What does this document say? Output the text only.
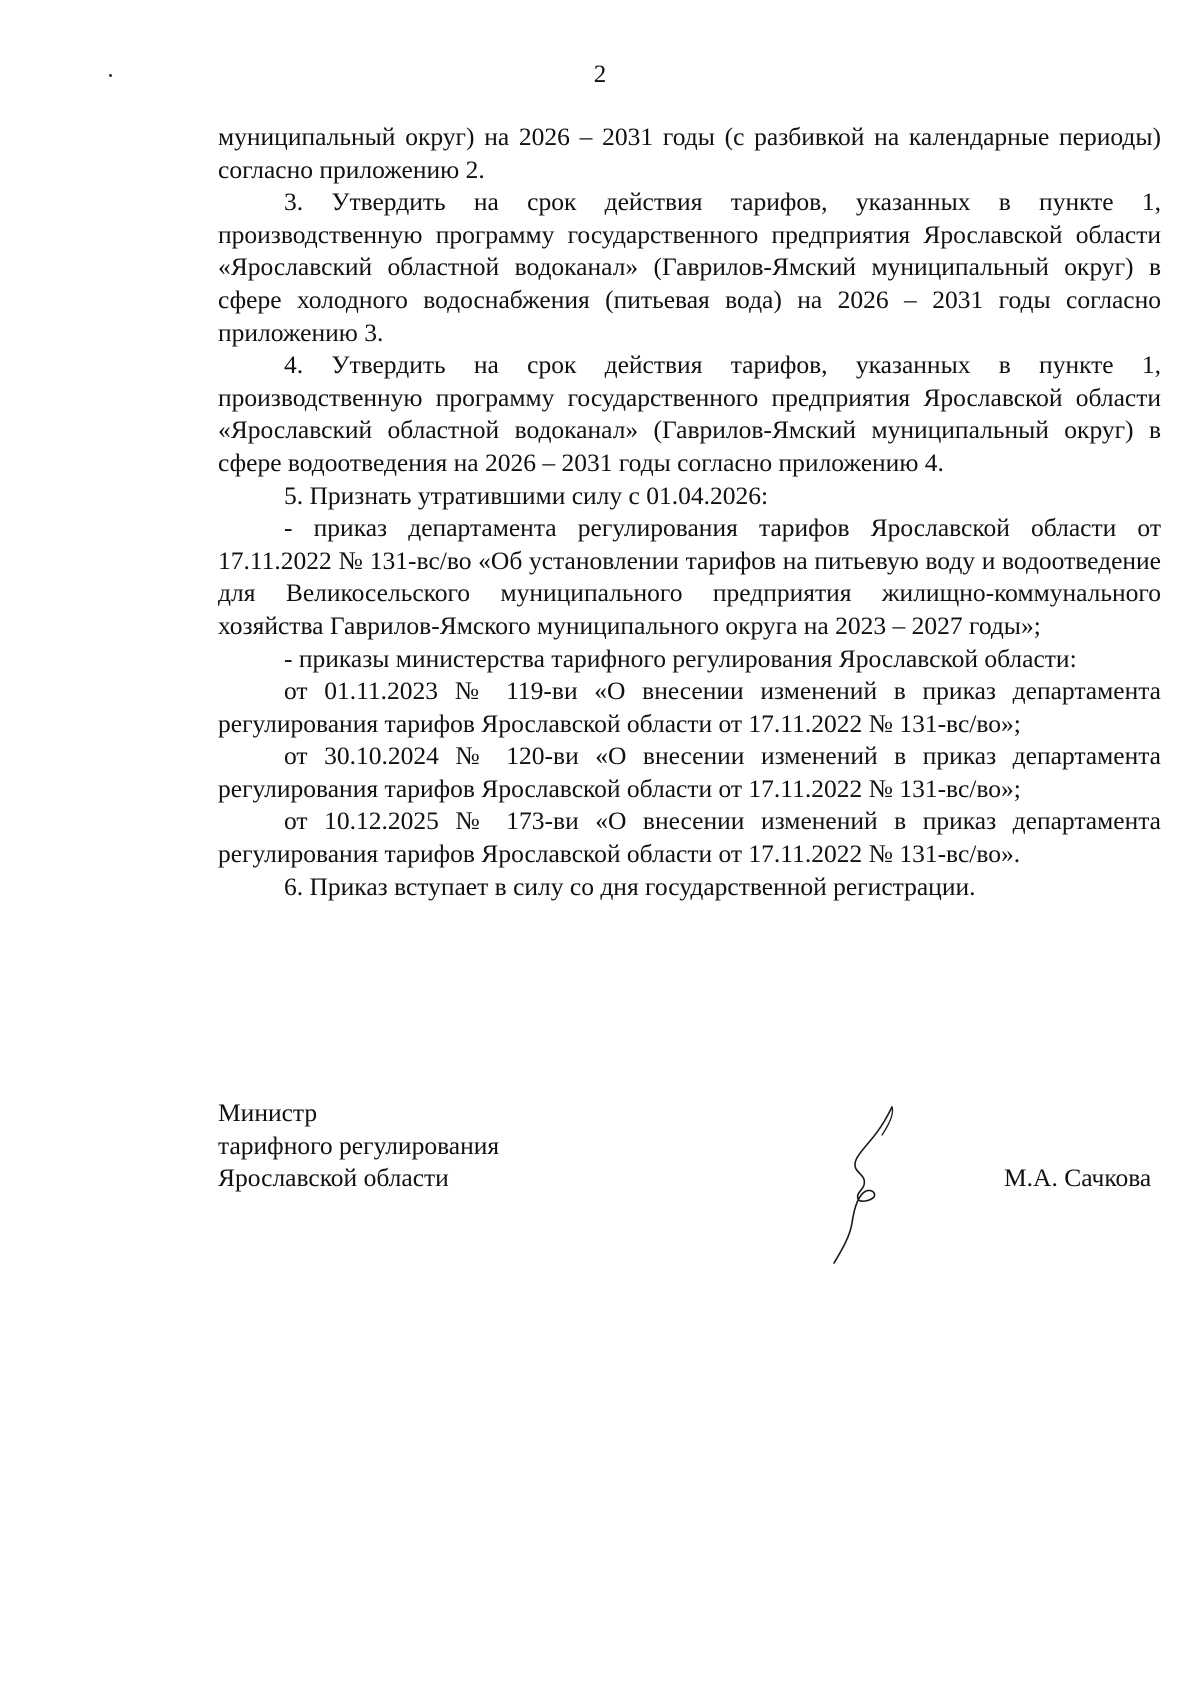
2

муниципальный округ) на 2026 – 2031 годы (с разбивкой на календарные периоды) согласно приложению 2.

3. Утвердить на срок действия тарифов, указанных в пункте 1, производственную программу государственного предприятия Ярославской области «Ярославский областной водоканал» (Гаврилов-Ямский муниципальный округ) в сфере холодного водоснабжения (питьевая вода) на 2026 – 2031 годы согласно приложению 3.

4. Утвердить на срок действия тарифов, указанных в пункте 1, производственную программу государственного предприятия Ярославской области «Ярославский областной водоканал» (Гаврилов-Ямский муниципальный округ) в сфере водоотведения на 2026 – 2031 годы согласно приложению 4.

5. Признать утратившими силу с 01.04.2026:

- приказ департамента регулирования тарифов Ярославской области от 17.11.2022 № 131-вс/во «Об установлении тарифов на питьевую воду и водоотведение для Великосельского муниципального предприятия жилищно-коммунального хозяйства Гаврилов-Ямского муниципального округа на 2023 – 2027 годы»;

- приказы министерства тарифного регулирования Ярославской области:

от 01.11.2023 № 119-ви «О внесении изменений в приказ департамента регулирования тарифов Ярославской области от 17.11.2022 № 131-вс/во»;

от 30.10.2024 № 120-ви «О внесении изменений в приказ департамента регулирования тарифов Ярославской области от 17.11.2022 № 131-вс/во»;

от 10.12.2025 № 173-ви «О внесении изменений в приказ департамента регулирования тарифов Ярославской области от 17.11.2022 № 131-вс/во».

6. Приказ вступает в силу со дня государственной регистрации.

Министр
тарифного регулирования
Ярославской области	М.А. Сачкова
